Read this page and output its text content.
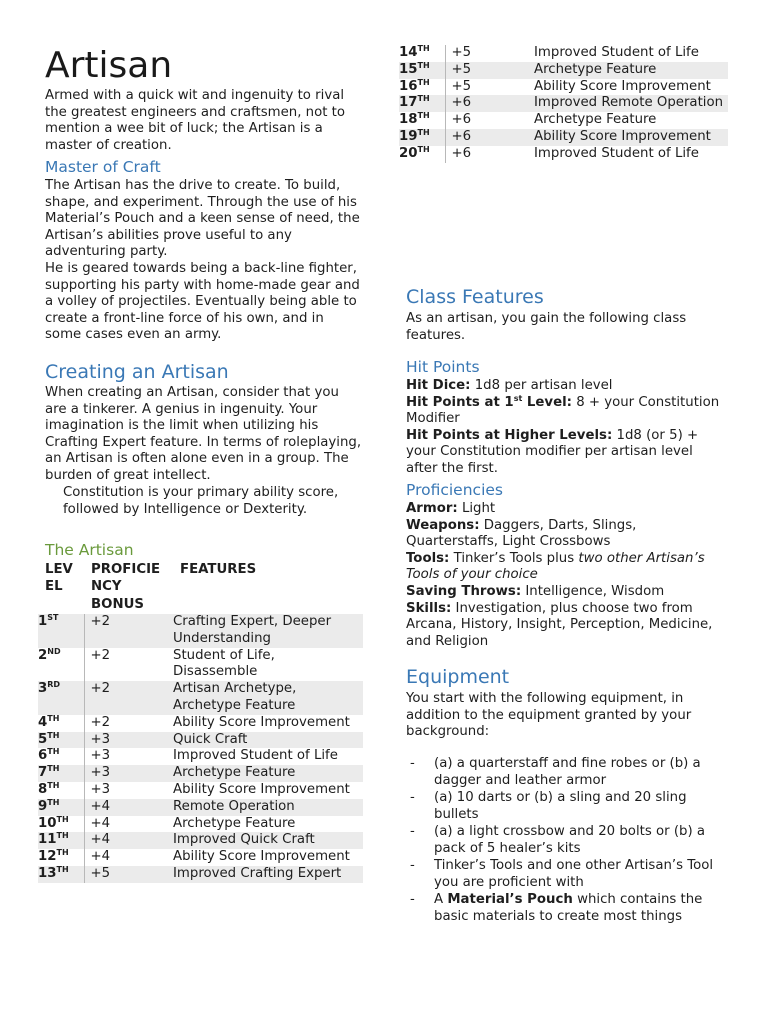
Artisan

Armed with a quick wit and ingenuity to rival the greatest engineers and craftsmen, not to mention a wee bit of luck; the Artisan is a master of creation.

Master of Craft

The Artisan has the drive to create. To build, shape, and experiment. Through the use of his Material’s Pouch and a keen sense of need, the Artisan’s abilities prove useful to any adventuring party.

He is geared towards being a back-line fighter, supporting his party with home-made gear and a volley of projectiles. Eventually being able to create a front-line force of his own, and in some cases even an army.

Creating an Artisan

When creating an Artisan, consider that you are a tinkerer. A genius in ingenuity. Your imagination is the limit when utilizing his Crafting Expert feature. In terms of roleplaying, an Artisan is often alone even in a group. The burden of great intellect.

Constitution is your primary ability score, followed by Intelligence or Dexterity.

The Artisan
LEV EL
PROFICIE NCY BONUS
FEATURES
1ST	+2	Crafting Expert, Deeper Understanding
2ND	+2	Student of Life, Disassemble
3RD	+2	Artisan Archetype, Archetype Feature
4TH	+2	Ability Score Improvement
5TH	+3	Quick Craft
6TH	+3	Improved Student of Life
7TH	+3	Archetype Feature
8TH	+3	Ability Score Improvement
9TH	+4	Remote Operation
10TH	+4	Archetype Feature
11TH	+4	Improved Quick Craft
12TH	+4	Ability Score Improvement
13TH	+5	Improved Crafting Expert
14TH	+5	Improved Student of Life
15TH	+5	Archetype Feature
16TH	+5	Ability Score Improvement
17TH	+6	Improved Remote Operation
18TH	+6	Archetype Feature
19TH	+6	Ability Score Improvement
20TH	+6	Improved Student of Life
Class Features

As an artisan, you gain the following class features.

Hit Points

Hit Dice: 1d8 per artisan level

Hit Points at 1st Level: 8 + your Constitution Modifier

Hit Points at Higher Levels: 1d8 (or 5) + your Constitution modifier per artisan level after the first.

Proficiencies

Armor: Light

Weapons: Daggers, Darts, Slings, Quarterstaffs, Light Crossbows

Tools: Tinker’s Tools plus two other Artisan’s Tools of your choice

Saving Throws: Intelligence, Wisdom

Skills: Investigation, plus choose two from Arcana, History, Insight, Perception, Medicine, and Religion

Equipment

You start with the following equipment, in addition to the equipment granted by your background:

- (a) a quarterstaff and fine robes or (b) a dagger and leather armor
- (a) 10 darts or (b) a sling and 20 sling bullets
- (a) a light crossbow and 20 bolts or (b) a pack of 5 healer’s kits
- Tinker’s Tools and one other Artisan’s Tool you are proficient with
- A Material’s Pouch which contains the basic materials to create most things
